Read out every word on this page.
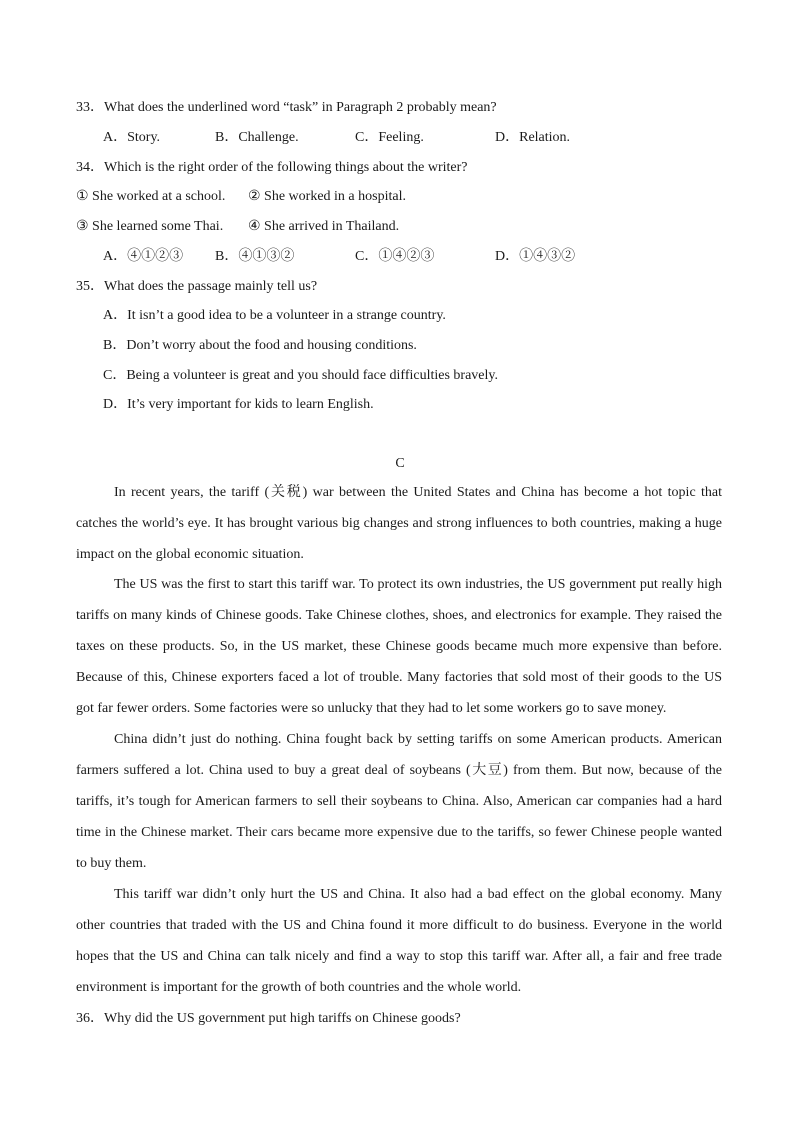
33．What does the underlined word “task” in Paragraph 2 probably mean?
A．Story.	B．Challenge.	C．Feeling.	D．Relation.
34．Which is the right order of the following things about the writer?
① She worked at a school. ② She worked in a hospital.
③ She learned some Thai. ④ She arrived in Thailand.
A．④①②③ B．④①③②	C．①④②③	D．①④③②
35．What does the passage mainly tell us?
A．It isn’t a good idea to be a volunteer in a strange country.
B．Don’t worry about the food and housing conditions.
C．Being a volunteer is great and you should face difficulties bravely.
D．It’s very important for kids to learn English.
C
In recent years, the tariff (关税) war between the United States and China has become a hot topic that
catches the world’s eye. It has brought various big changes and strong influences to both countries, making a huge
impact on the global economic situation.
The US was the first to start this tariff war. To protect its own industries, the US government put really high
tariffs on many kinds of Chinese goods. Take Chinese clothes, shoes, and electronics for example. They raised the
taxes on these products. So, in the US market, these Chinese goods became much more expensive than before.
Because of this, Chinese exporters faced a lot of trouble. Many factories that sold most of their goods to the US
got far fewer orders. Some factories were so unlucky that they had to let some workers go to save money.
China didn’t just do nothing. China fought back by setting tariffs on some American products. American
farmers suffered a lot. China used to buy a great deal of soybeans (大豆) from them. But now, because of the
tariffs, it’s tough for American farmers to sell their soybeans to China. Also, American car companies had a hard
time in the Chinese market. Their cars became more expensive due to the tariffs, so fewer Chinese people wanted
to buy them.
This tariff war didn’t only hurt the US and China. It also had a bad effect on the global economy. Many
other countries that traded with the US and China found it more difficult to do business. Everyone in the world
hopes that the US and China can talk nicely and find a way to stop this tariff war. After all, a fair and free trade
environment is important for the growth of both countries and the whole world.
36．Why did the US government put high tariffs on Chinese goods?
